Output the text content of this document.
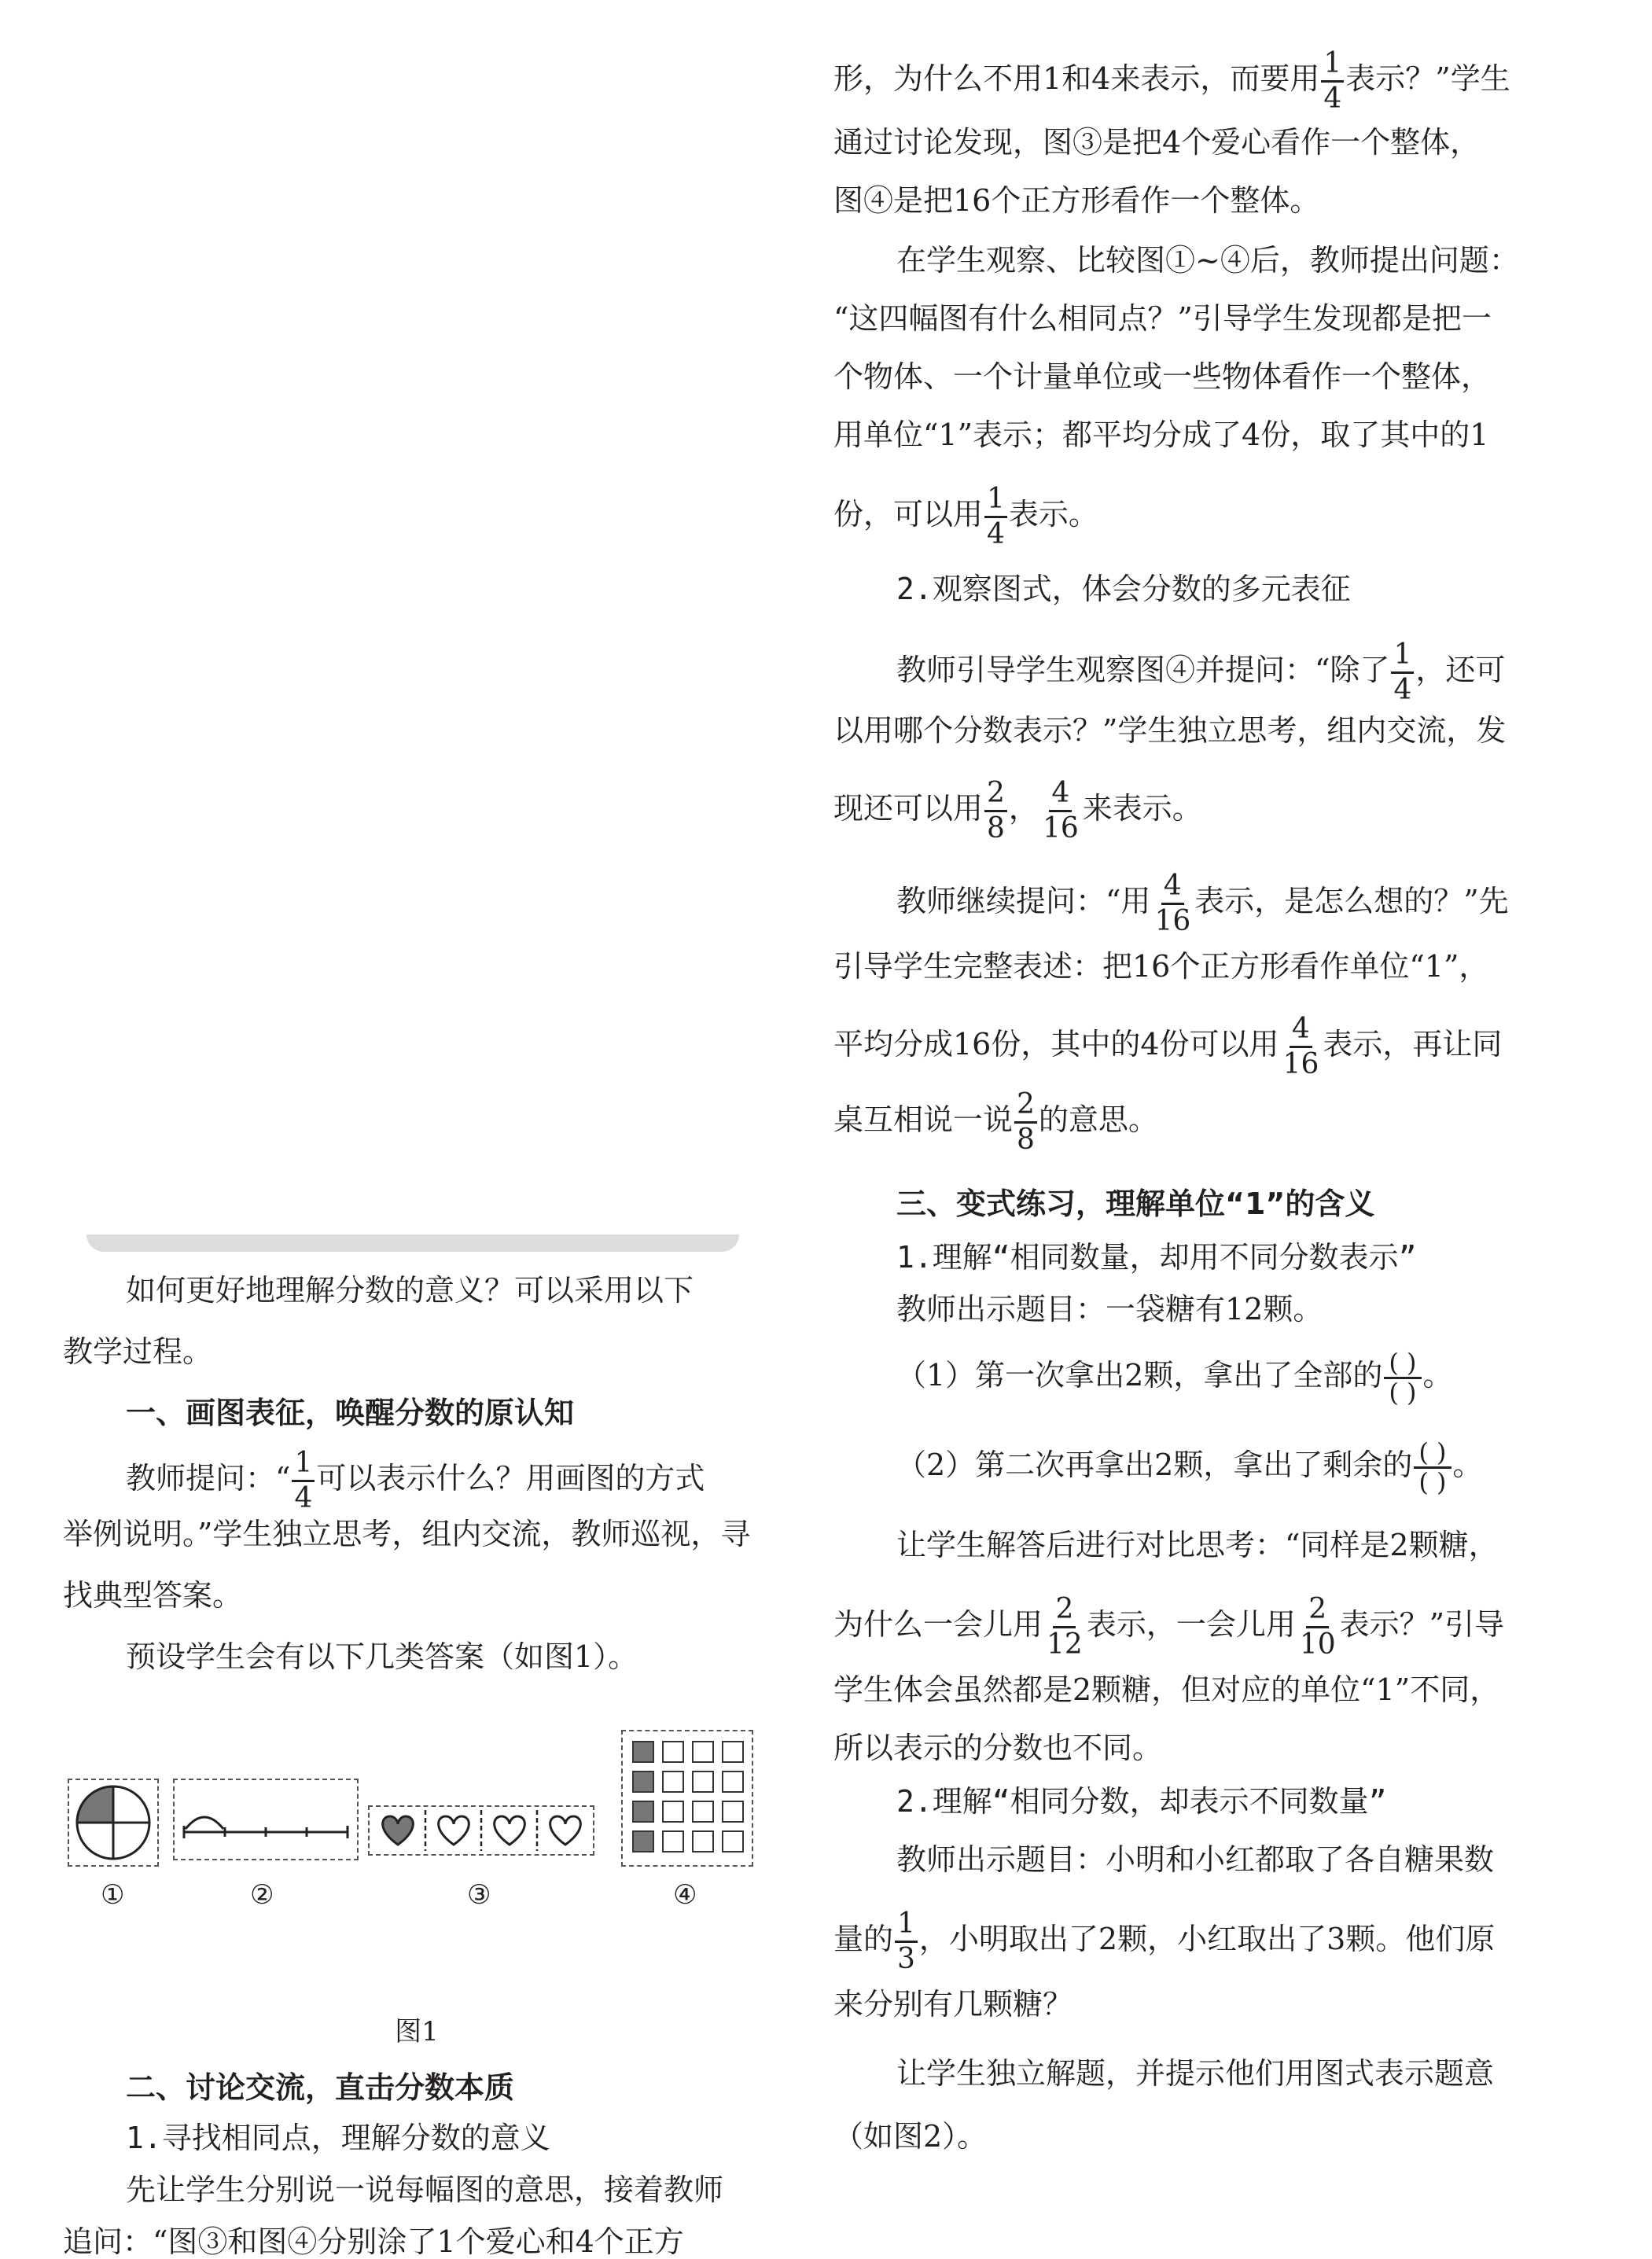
如何更好地理解分数的意义？可以采用以下
教学过程。
一、画图表征，唤醒分数的原认知
教师提问：“ $\frac{1}{4}$ 可以表示什么？用画图的方式
举例说明。”学生独立思考，组内交流，教师巡视，寻
找典型答案。
预设学生会有以下几类答案（如图1）。
①	②	③	④
图1
二、讨论交流，直击分数本质
1.寻找相同点，理解分数的意义
先让学生分别说一说每幅图的意思，接着教师
追问：“图③和图④分别涂了1个爱心和4个正方
形，为什么不用1和4来表示，而要用 $\frac{1}{4}$ 表示？”学生
通过讨论发现，图③是把4个爱心看作一个整体，
图④是把16个正方形看作一个整体。
在学生观察、比较图①~④后，教师提出问题：
“这四幅图有什么相同点？”引导学生发现都是把一
个物体、一个计量单位或一些物体看作一个整体，
用单位“1”表示；都平均分成了4份，取了其中的1
份，可以用 $\frac{1}{4}$ 表示。
2.观察图式，体会分数的多元表征
教师引导学生观察图④并提问：“除了 $\frac{1}{4}$ ，还可
以用哪个分数表示？”学生独立思考，组内交流，发
现还可以用 $\frac{2}{8}$ ， $\frac{4}{16}$ 来表示。
教师继续提问：“用 $\frac{4}{16}$ 表示，是怎么想的？”先
引导学生完整表述：把16个正方形看作单位“1”，
平均分成16份，其中的4份可以用 $\frac{4}{16}$ 表示，再让同
桌互相说一说 $\frac{2}{8}$ 的意思。
三、变式练习，理解单位“1”的含义
1.理解“相同数量，却用不同分数表示”
教师出示题目：一袋糖有12颗。
（1）第一次拿出2颗，拿出了全部的 $\frac{( )}{( )}$ 。
（2）第二次再拿出2颗，拿出了剩余的 $\frac{( )}{( )}$ 。
让学生解答后进行对比思考：“同样是2颗糖，
为什么一会儿用 $\frac{2}{12}$ 表示，一会儿用 $\frac{2}{10}$ 表示？”引导
学生体会虽然都是2颗糖，但对应的单位“1”不同，
所以表示的分数也不同。
2.理解“相同分数，却表示不同数量”
教师出示题目：小明和小红都取了各自糖果数
量的 $\frac{1}{3}$ ，小明取出了2颗，小红取出了3颗。他们原
来分别有几颗糖？
让学生独立解题，并提示他们用图式表示题意
（如图2）。
